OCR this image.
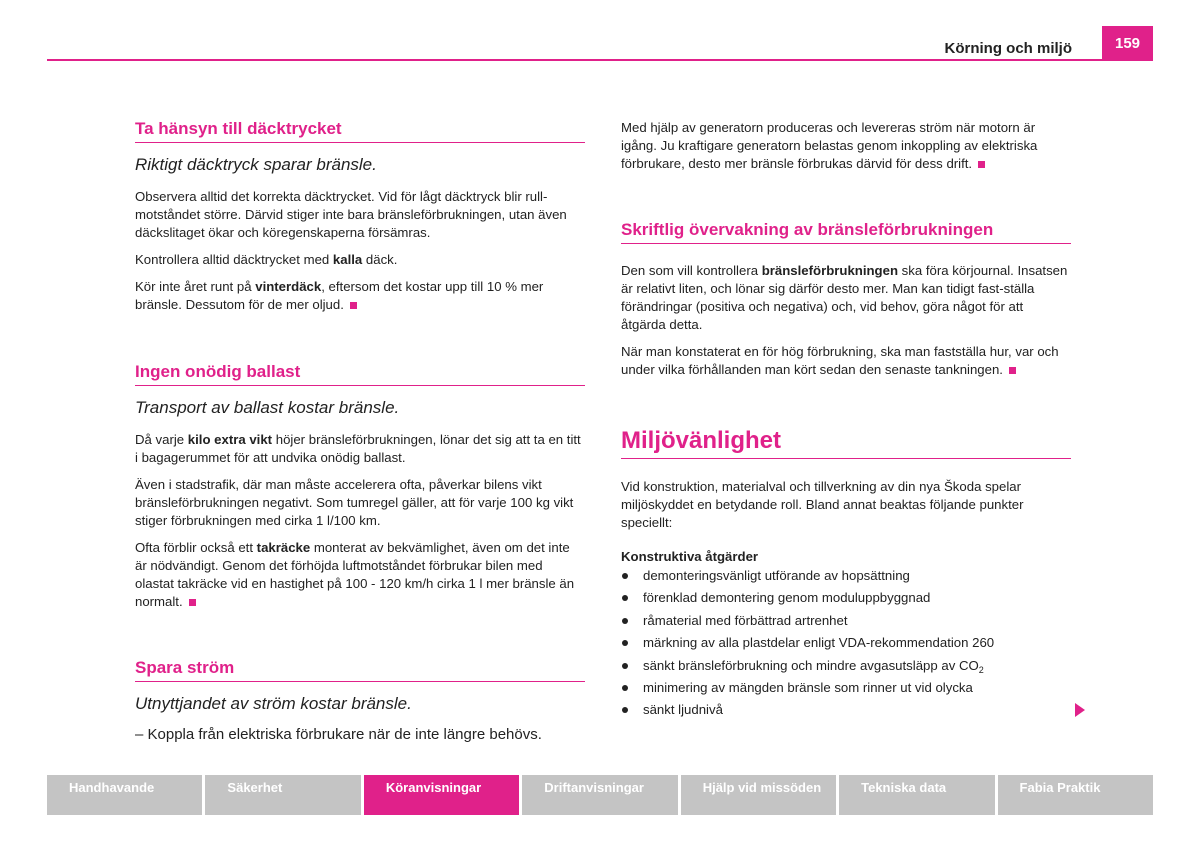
Körning och miljö	159
Ta hänsyn till däcktrycket
Riktigt däcktryck sparar bränsle.

Observera alltid det korrekta däcktrycket. Vid för lågt däcktryck blir rull-motståndet större. Därvid stiger inte bara bränsleförbrukningen, utan även däckslitaget ökar och köregenskaperna försämras.

Kontrollera alltid däcktrycket med kalla däck.

Kör inte året runt på vinterdäck, eftersom det kostar upp till 10 % mer bränsle. Dessutom för de mer oljud.

Ingen onödig ballast
Transport av ballast kostar bränsle.

Då varje kilo extra vikt höjer bränsleförbrukningen, lönar det sig att ta en titt i bagagerummet för att undvika onödig ballast.

Även i stadstrafik, där man måste accelerera ofta, påverkar bilens vikt bränsleförbrukningen negativt. Som tumregel gäller, att för varje 100 kg vikt stiger förbrukningen med cirka 1 l/100 km.

Ofta förblir också ett takräcke monterat av bekvämlighet, även om det inte är nödvändigt. Genom det förhöjda luftmotståndet förbrukar bilen med olastat takräcke vid en hastighet på 100 - 120 km/h cirka 1 l mer bränsle än normalt.

Spara ström
Utnyttjandet av ström kostar bränsle.
– Koppla från elektriska förbrukare när de inte längre behövs.

Med hjälp av generatorn produceras och levereras ström när motorn är igång. Ju kraftigare generatorn belastas genom inkoppling av elektriska förbrukare, desto mer bränsle förbrukas därvid för dess drift.

Skriftlig övervakning av bränsleförbrukningen

Den som vill kontrollera bränsleförbrukningen ska föra körjournal. Insatsen är relativt liten, och lönar sig därför desto mer. Man kan tidigt fast-ställa förändringar (positiva och negativa) och, vid behov, göra något för att åtgärda detta.

När man konstaterat en för hög förbrukning, ska man fastställa hur, var och under vilka förhållanden man kört sedan den senaste tankningen.

Miljövänlighet

Vid konstruktion, materialval och tillverkning av din nya Škoda spelar miljöskyddet en betydande roll. Bland annat beaktas följande punkter speciellt:

Konstruktiva åtgärder
demonteringsvänligt utförande av hopsättning
förenklad demontering genom moduluppbyggnad
råmaterial med förbättrad artrenhet
märkning av alla plastdelar enligt VDA-rekommendation 260
sänkt bränsleförbrukning och mindre avgasutsläpp av $CO_2$
minimering av mängden bränsle som rinner ut vid olycka
sänkt ljudnivå
Handhavande	Säkerhet	Köranvisningar	Driftanvisningar	Hjälp vid missöden	Tekniska data	Fabia Praktik
